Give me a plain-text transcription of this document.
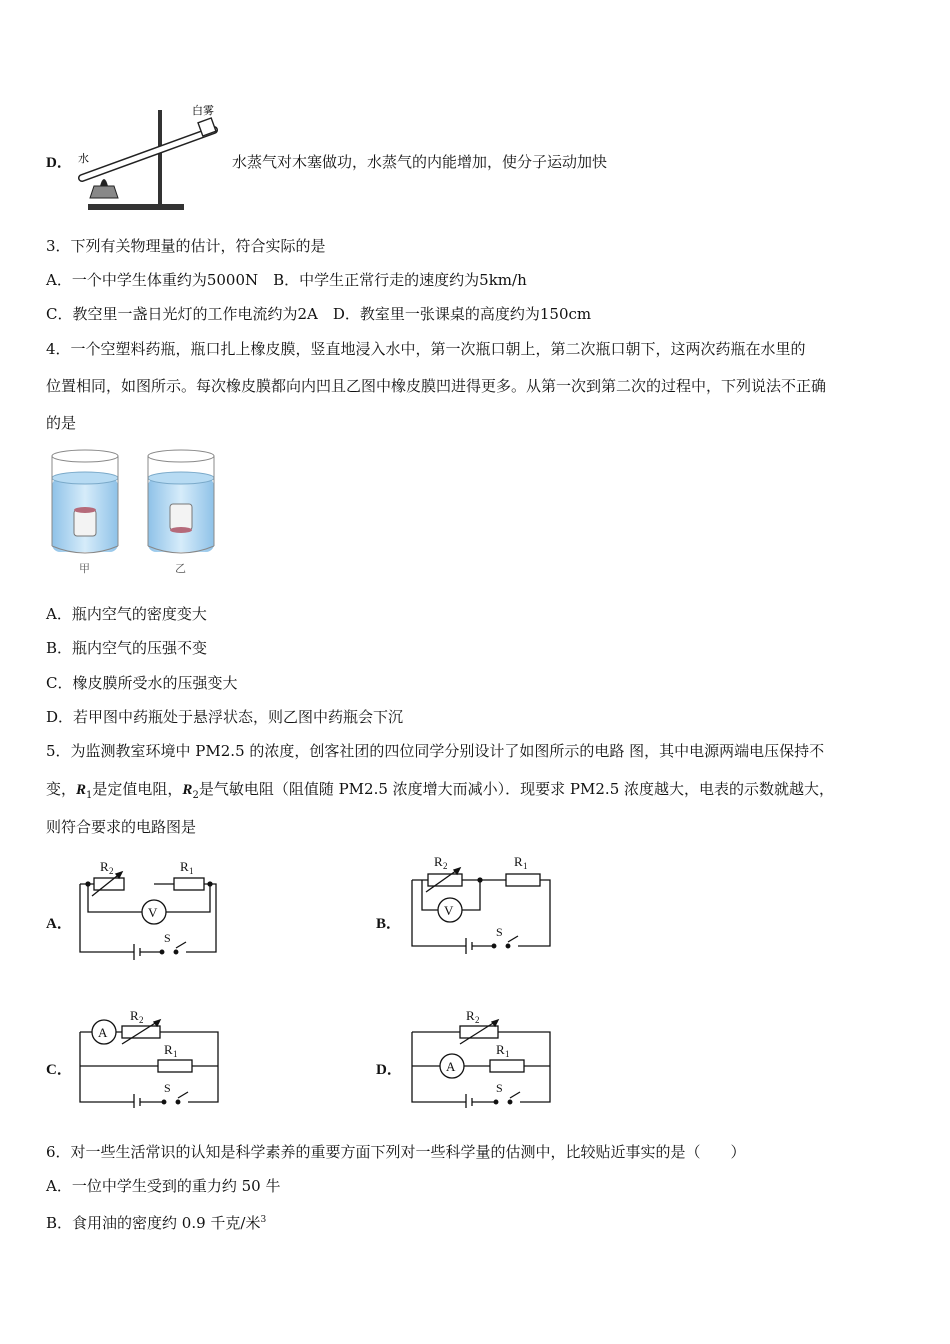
D．
白雾
水	水蒸气对木塞做功，水蒸气的内能增加，使分子运动加快
3．下列有关物理量的估计，符合实际的是
A．一个中学生体重约为5000N　B．中学生正常行走的速度约为5km/h
C．教空里一盏日光灯的工作电流约为2A　D．教室里一张课桌的高度约为150cm
4．一个空塑料药瓶，瓶口扎上橡皮膜，竖直地浸入水中，第一次瓶口朝上，第二次瓶口朝下，这两次药瓶在水里的
位置相同，如图所示。每次橡皮膜都向内凹且乙图中橡皮膜凹进得更多。从第一次到第二次的过程中，下列说法不正确
的是
甲	乙
A．瓶内空气的密度变大
B．瓶内空气的压强不变
C．橡皮膜所受水的压强变大
D．若甲图中药瓶处于悬浮状态，则乙图中药瓶会下沉
5．为监测教室环境中 PM2.5 的浓度，创客社团的四位同学分别设计了如图所示的电路 图，其中电源两端电压保持不
变，$R_1$是定值电阻，$R_2$是气敏电阻（阻值随 PM2.5 浓度增大而减小）．现要求 PM2.5 浓度越大，电表的示数就越大，
则符合要求的电路图是
A．
V
R 2	R 1
S
B．
V
R 2	R 1
S
C．
A
R 2
R 1
S
D．	A
R 2
R 1
S
6．对一些生活常识的认知是科学素养的重要方面下列对一些科学量的估测中，比较贴近事实的是（　　）
A．一位中学生受到的重力约 50 牛
B．食用油的密度约 0.9 千克/米$^3$
